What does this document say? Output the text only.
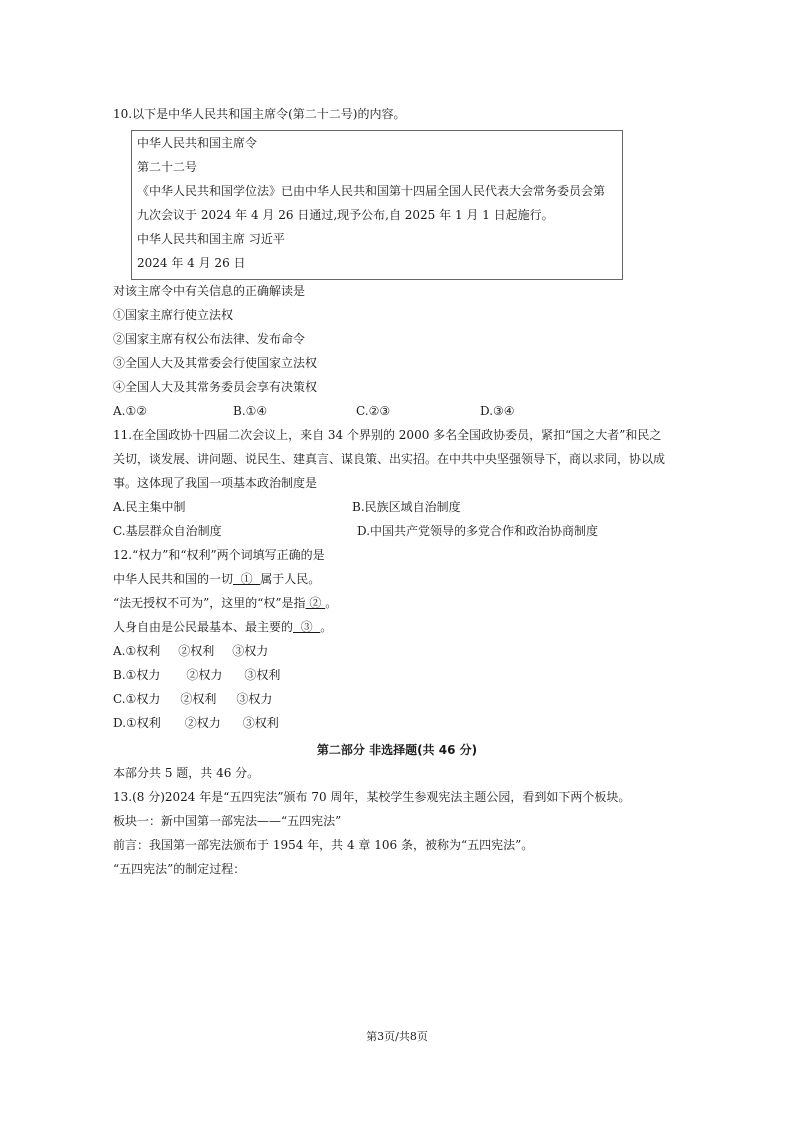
10.以下是中华人民共和国主席令(第二十二号)的内容。
中华人民共和国主席令
第二十二号
《中华人民共和国学位法》已由中华人民共和国第十四届全国人民代表大会常务委员会第
九次会议于 2024 年 4 月 26 日通过,现予公布,自 2025 年 1 月 1 日起施行。
中华人民共和国主席 习近平
2024 年 4 月 26 日
对该主席令中有关信息的正确解读是
①国家主席行使立法权
②国家主席有权公布法律、发布命令
③全国人大及其常委会行使国家立法权
④全国人大及其常务委员会享有决策权
A.①②	B.①④	C.②③	D.③④
11.在全国政协十四届二次会议上，来自 34 个界别的 2000 多名全国政协委员，紧扣“国之大者”和民之
关切，谈发展、讲问题、说民生、建真言、谋良策、出实招。在中共中央坚强领导下，商以求同，协以成
事。这体现了我国一项基本政治制度是
A.民主集中制	B.民族区域自治制度
C.基层群众自治制度	D.中国共产党领导的多党合作和政治协商制度
12.“权力”和“权利”两个词填写正确的是
中华人民共和国的一切  ①  属于人民。
“法无授权不可为”，这里的“权”是指 ② 。
人身自由是公民最基本、最主要的  ③  。
A.①权利 ②权利 ③权力
B.①权力 ②权力 ③权利
C.①权力 ②权利 ③权力
D.①权利 ②权力 ③权利
第二部分 非选择题(共 46 分)
本部分共 5 题，共 46 分。
13.(8 分)2024 年是“五四宪法”颁布 70 周年，某校学生参观宪法主题公园，看到如下两个板块。
板块一：新中国第一部宪法——“五四宪法”
前言：我国第一部宪法颁布于 1954 年，共 4 章 106 条，被称为“五四宪法”。
“五四宪法”的制定过程：
第3页/共8页
